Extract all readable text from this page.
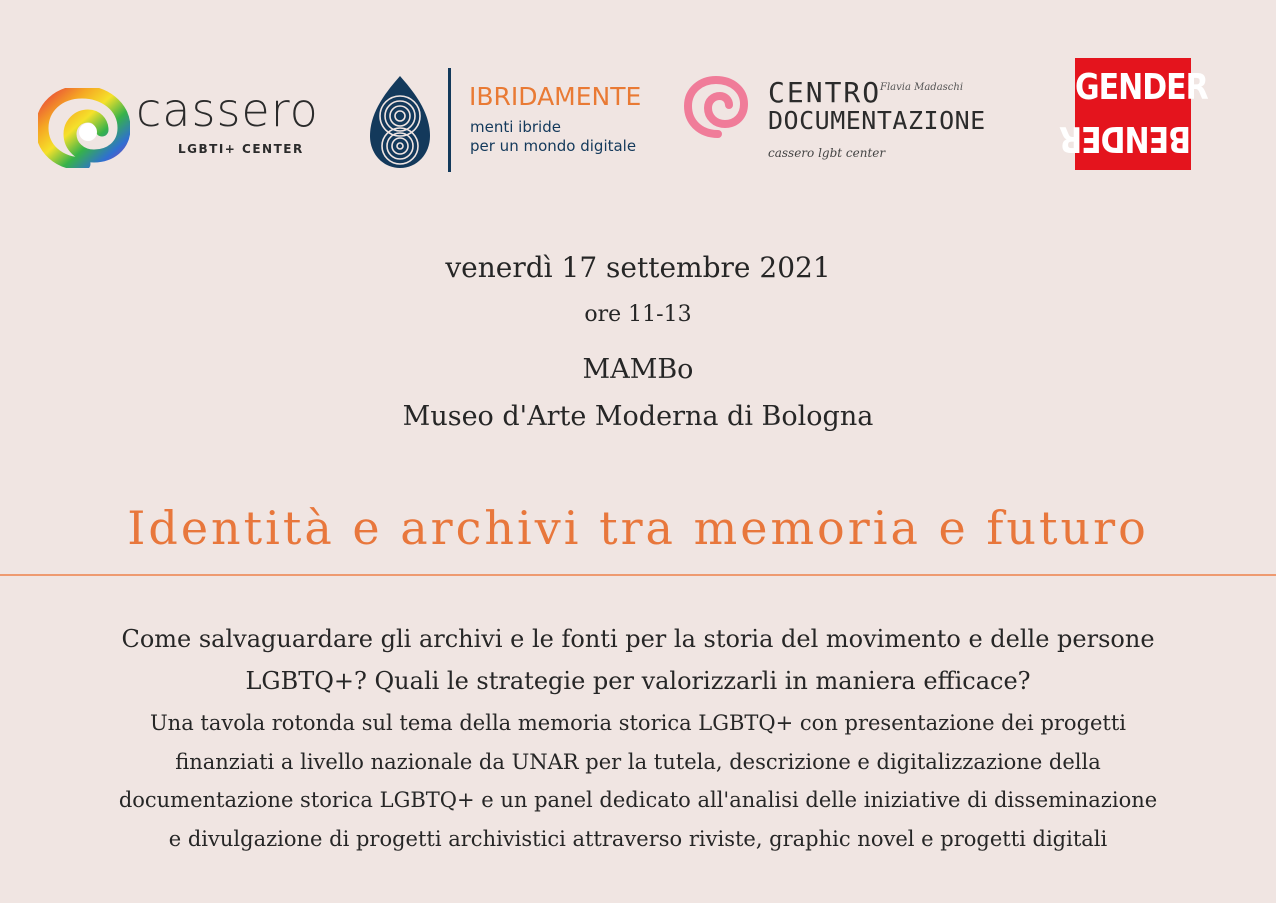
cassero
LGBTI+ CENTER
IBRIDAMENTE
menti ibride
per un mondo digitale
CENTRO
Flavia Madaschi
DOCUMENTAZIONE
cassero lgbt center
GENDER
BENDER
venerdì 17 settembre 2021
ore 11-13
MAMBo
Museo d'Arte Moderna di Bologna
Identità e archivi tra memoria e futuro
Come salvaguardare gli archivi e le fonti per la storia del movimento e delle persone
LGBTQ+? Quali le strategie per valorizzarli in maniera efficace?
Una tavola rotonda sul tema della memoria storica LGBTQ+ con presentazione dei progetti
finanziati a livello nazionale da UNAR per la tutela, descrizione e digitalizzazione della
documentazione storica LGBTQ+ e un panel dedicato all'analisi delle iniziative di disseminazione
e divulgazione di progetti archivistici attraverso riviste, graphic novel e progetti digitali
